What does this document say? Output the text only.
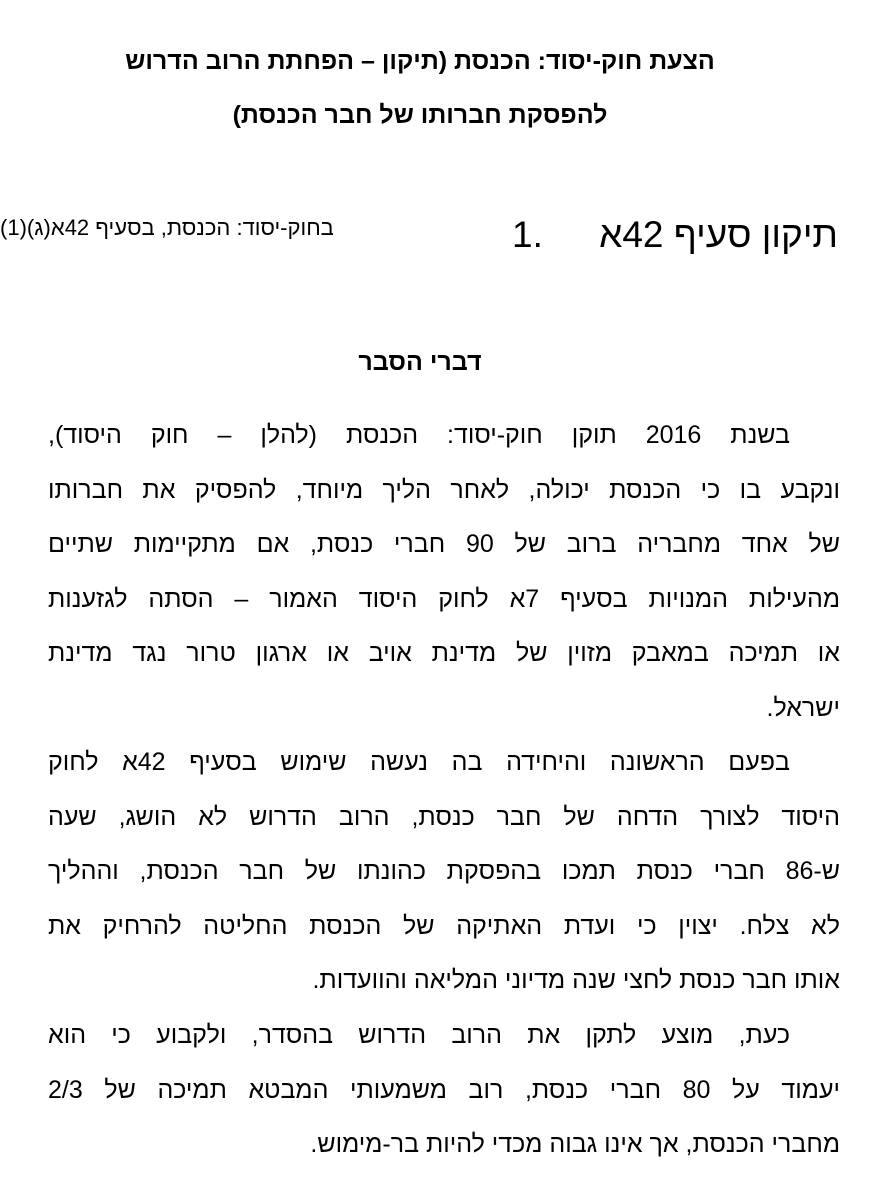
הצעת חוק-יסוד: הכנסת (תיקון – הפחתת הרוב הדרוש
להפסקת חברותו של חבר הכנסת)
תיקון סעיף 42א
1.
בחוק-יסוד: הכנסת, בסעיף 42א(ג)(1)
דברי הסבר

בשנת 2016 תוקן חוק-יסוד: הכנסת (להלן – חוק היסוד),
ונקבע בו כי הכנסת יכולה, לאחר הליך מיוחד, להפסיק את חברותו
של אחד מחבריה ברוב של 90 חברי כנסת, אם מתקיימות שתיים
מהעילות המנויות בסעיף 7א לחוק היסוד האמור – הסתה לגזענות
או תמיכה במאבק מזוין של מדינת אויב או ארגון טרור נגד מדינת
ישראל.

בפעם הראשונה והיחידה בה נעשה שימוש בסעיף 42א לחוק
היסוד לצורך הדחה של חבר כנסת, הרוב הדרוש לא הושג, שעה
ש-86 חברי כנסת תמכו בהפסקת כהונתו של חבר הכנסת, וההליך
לא צלח. יצוין כי ועדת האתיקה של הכנסת החליטה להרחיק את
אותו חבר כנסת לחצי שנה מדיוני המליאה והוועדות.

כעת, מוצע לתקן את הרוב הדרוש בהסדר, ולקבוע כי הוא
יעמוד על 80 חברי כנסת, רוב משמעותי המבטא תמיכה של 2/3
מחברי הכנסת, אך אינו גבוה מכדי להיות בר-מימוש.
